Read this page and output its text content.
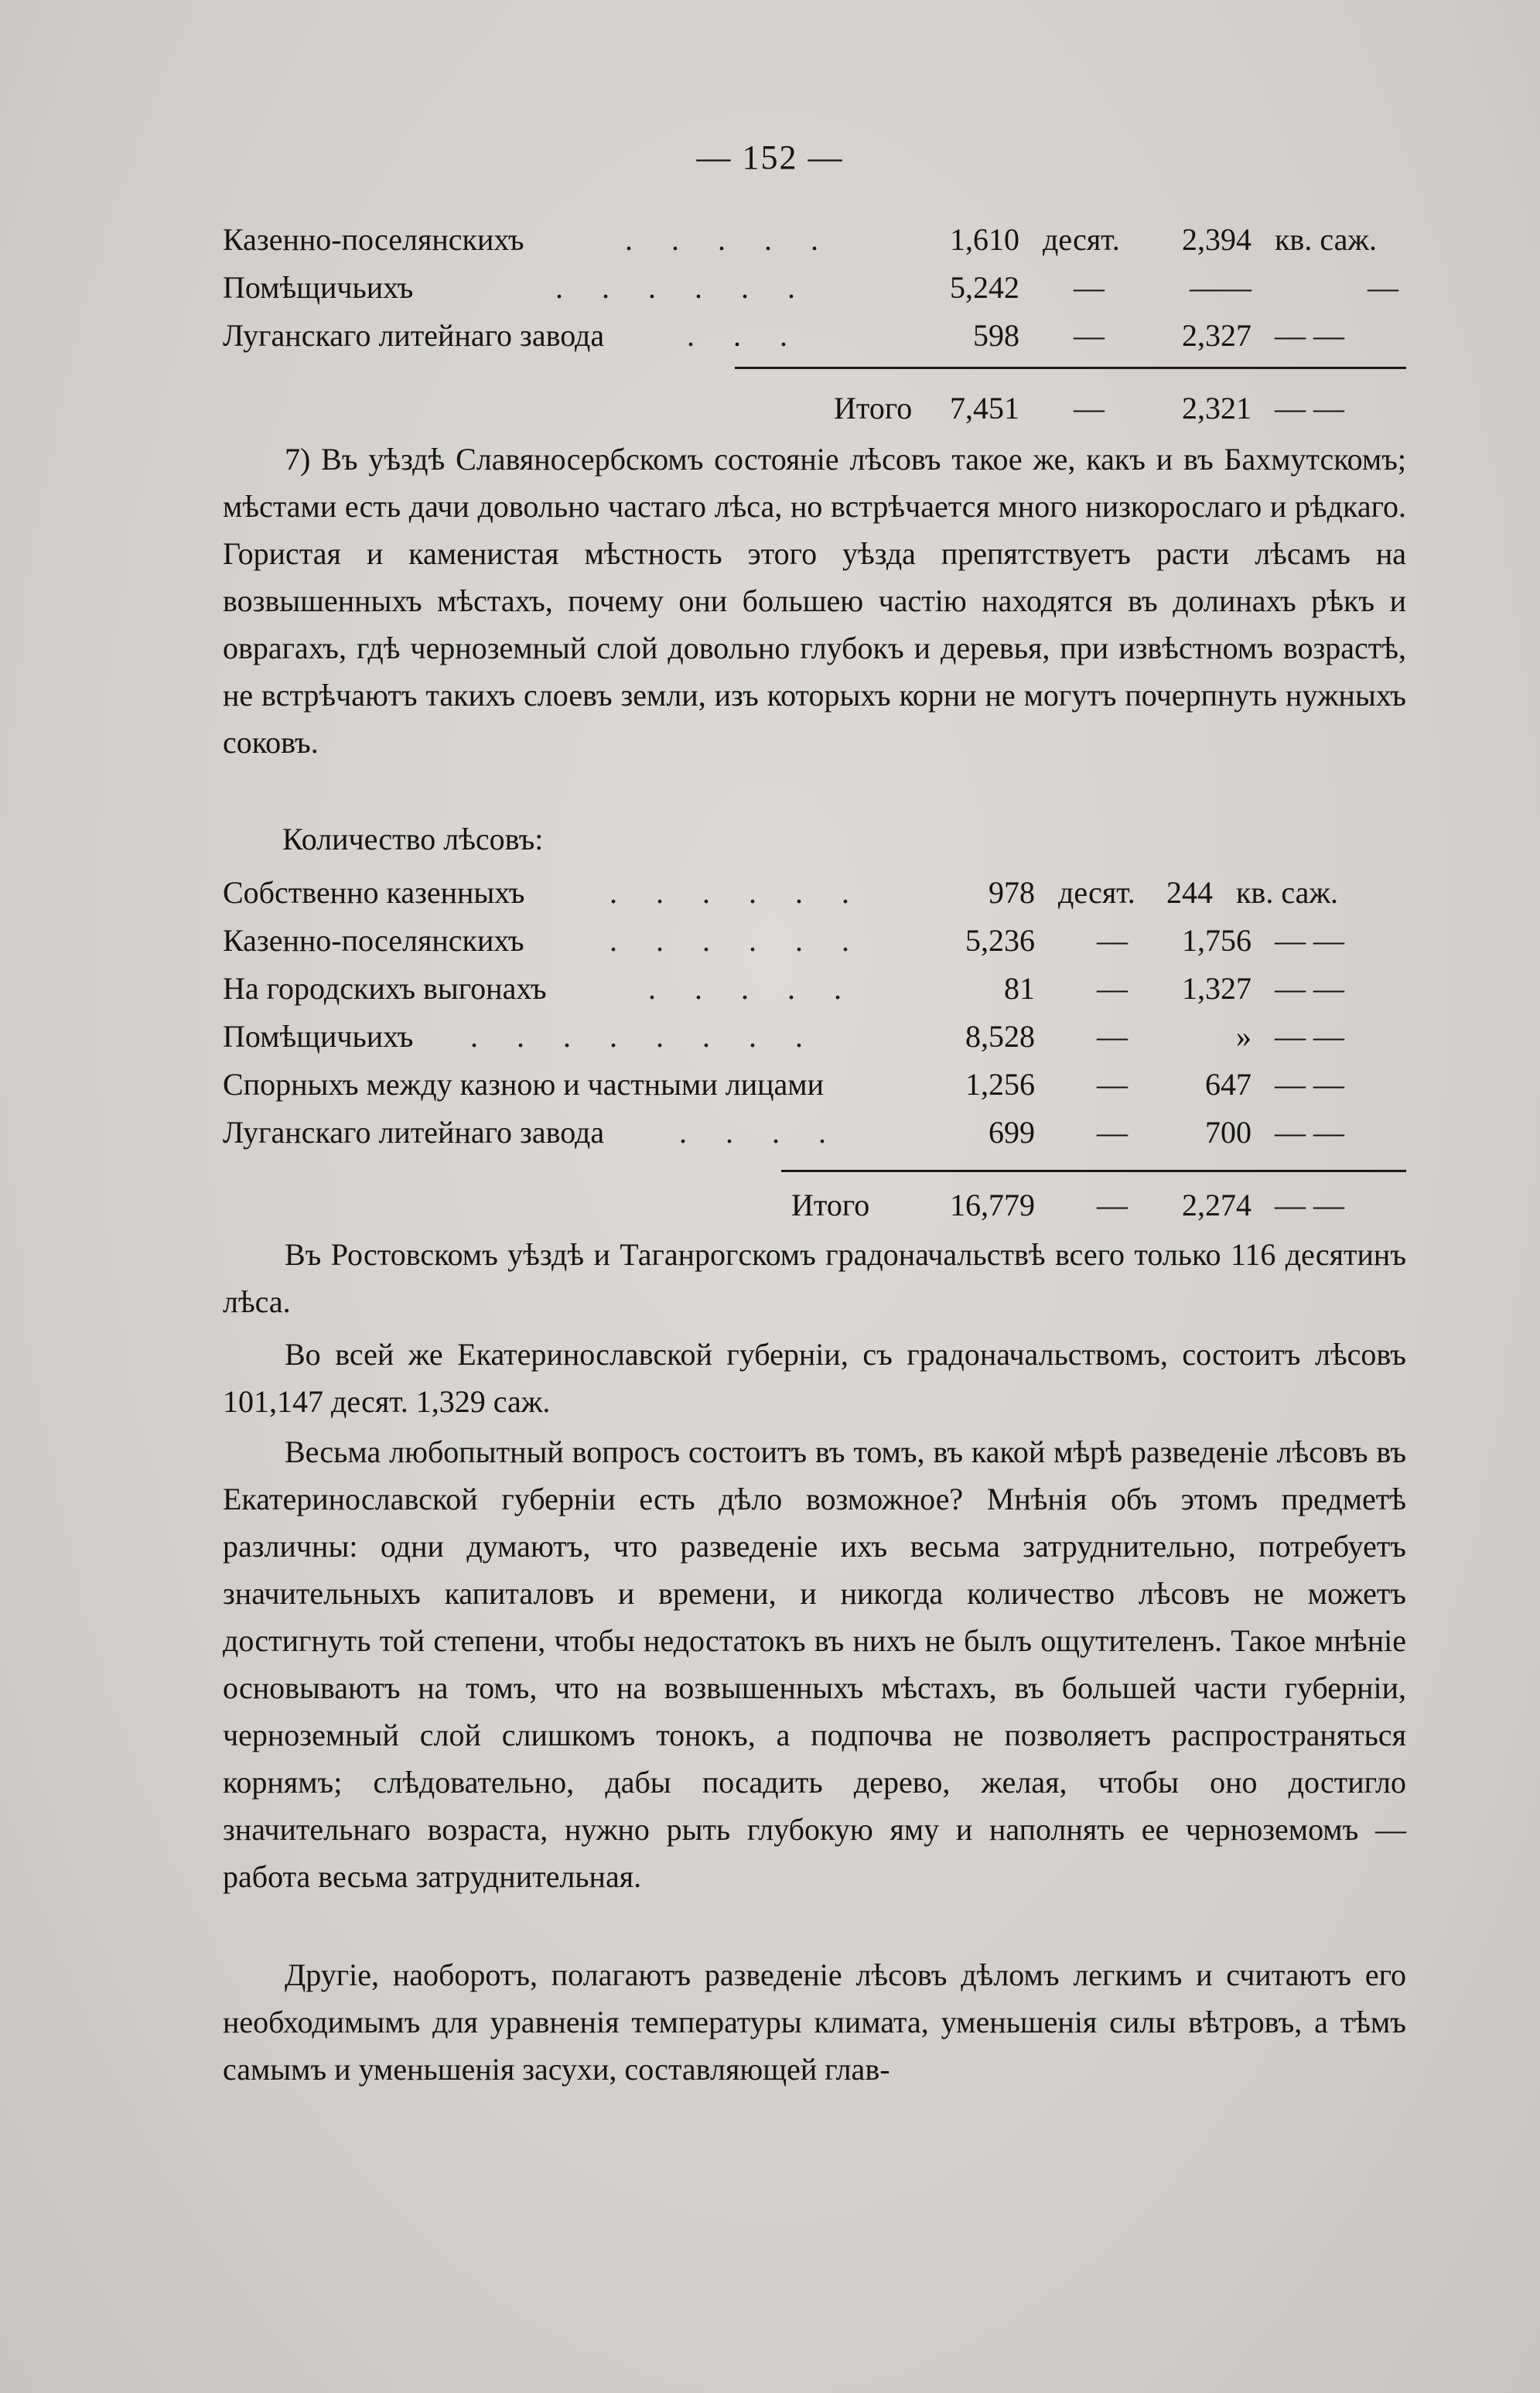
— 152 —
Казенно-поселянскихъ	. . . . .	1,610 десят.	2,394 кв. саж.
Помѣщичьихъ	. . . . . .	5,242 —	——	—
Луганскаго литейнаго завода	. . .	598 —	2,327 — —
Итого	7,451 —	2,321 — —
7) Въ уѣздѣ Славяносербскомъ состояніе лѣсовъ такое же, какъ и въ Бахмутскомъ; мѣстами есть дачи довольно частаго лѣса, но встрѣчается много низкорослаго и рѣдкаго. Гористая и каменистая мѣстность этого уѣзда препятствуетъ расти лѣсамъ на возвышенныхъ мѣстахъ, почему они большею частію находятся въ долинахъ рѣкъ и оврагахъ, гдѣ черноземный слой довольно глубокъ и деревья, при извѣстномъ возрастѣ, не встрѣчаютъ такихъ слоевъ земли, изъ которыхъ корни не могутъ почерпнуть нужныхъ соковъ.
Количество лѣсовъ:
Собственно казенныхъ	. . . . . .	978 десят.	244 кв. саж.
Казенно-поселянскихъ	. . . . . .	5,236 —	1,756 — —
На городскихъ выгонахъ	. . . . .	81 —	1,327 — —
Помѣщичьихъ . . . . . . . .	8,528 —	» — —
Спорныхъ между казною и частными лицами	1,256 —	647 — —
Луганскаго литейнаго завода . . . .	699 —	700 — —
Итого	16,779 —	2,274 — —
Въ Ростовскомъ уѣздѣ и Таганрогскомъ градоначальствѣ всего только 116 десятинъ лѣса.
Во всей же Екатеринославской губерніи, съ градоначальствомъ, состоитъ лѣсовъ 101,147 десят. 1,329 саж.
Весьма любопытный вопросъ состоитъ въ томъ, въ какой мѣрѣ разведеніе лѣсовъ въ Екатеринославской губерніи есть дѣло возможное? Мнѣнія объ этомъ предметѣ различны: одни думаютъ, что разведеніе ихъ весьма затруднительно, потребуетъ значительныхъ капиталовъ и времени, и никогда количество лѣсовъ не можетъ достигнуть той степени, чтобы недостатокъ въ нихъ не былъ ощутителенъ. Такое мнѣніе основываютъ на томъ, что на возвышенныхъ мѣстахъ, въ большей части губерніи, черноземный слой слишкомъ тонокъ, а подпочва не позволяетъ распространяться корнямъ; слѣдовательно, дабы посадить дерево, желая, чтобы оно достигло значительнаго возраста, нужно рыть глубокую яму и наполнять ее черноземомъ — работа весьма затруднительная.
Другіе, наоборотъ, полагаютъ разведеніе лѣсовъ дѣломъ легкимъ и считаютъ его необходимымъ для уравненія температуры климата, уменьшенія силы вѣтровъ, а тѣмъ самымъ и уменьшенія засухи, составляющей глав-
